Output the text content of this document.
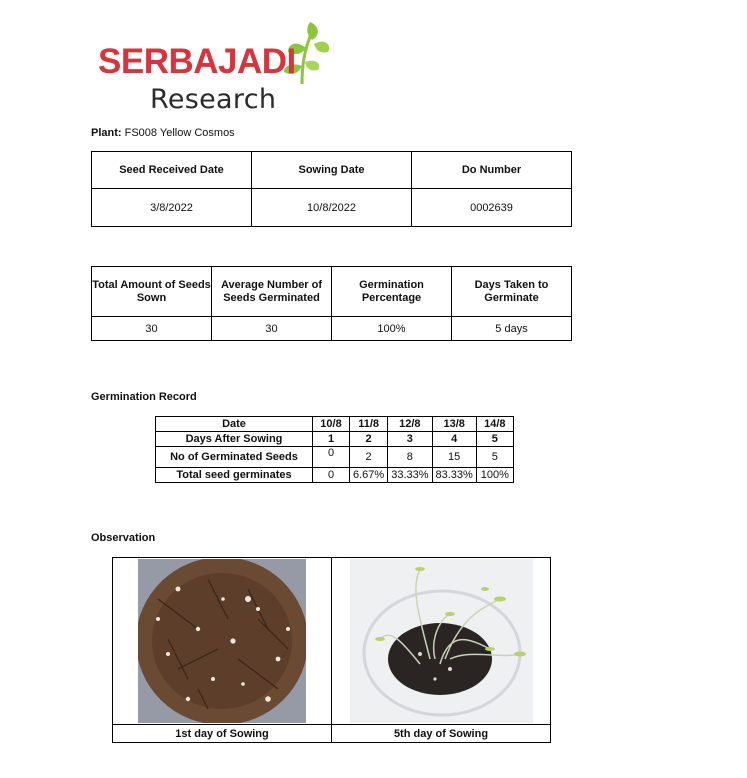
SERBAJADI
Research
Plant: FS008 Yellow Cosmos
Seed Received Date	Sowing Date	Do Number
3/8/2022	10/8/2022	0002639
Total Amount of Seeds Sown	Average Number of Seeds Germinated	Germination Percentage	Days Taken to Germinate
30	30	100%	5 days
Germination Record
Date	10/8	11/8	12/8	13/8	14/8
Days After Sowing	1	2	3	4	5
No of Germinated Seeds	0	2	8	15	5
Total seed germinates	0	6.67%	33.33%	83.33%	100%
Observation

1st day of Sowing	5th day of Sowing
